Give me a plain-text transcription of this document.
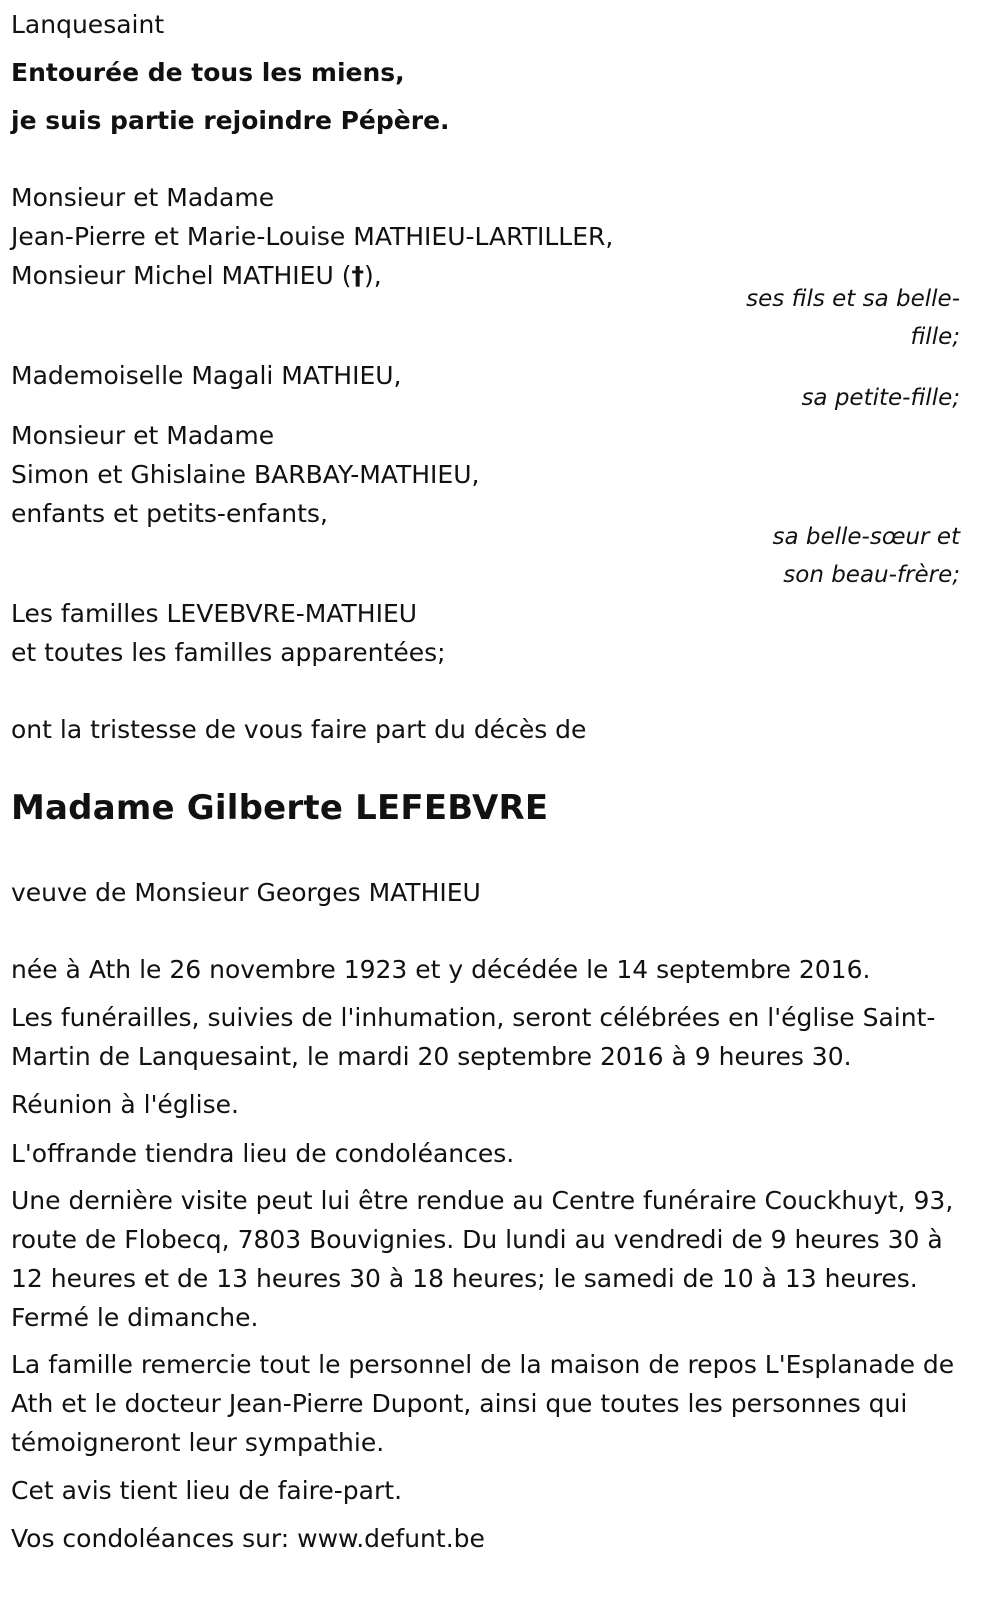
Lanquesaint
Entourée de tous les miens,
je suis partie rejoindre Pépère.
Monsieur et Madame
Jean-Pierre et Marie-Louise MATHIEU-LARTILLER,
Monsieur Michel MATHIEU (†),
ses fils et sa belle-
fille;
Mademoiselle Magali MATHIEU,
sa petite-fille;
Monsieur et Madame
Simon et Ghislaine BARBAY-MATHIEU,
enfants et petits-enfants,
sa belle-sœur et
son beau-frère;
Les familles LEVEBVRE-MATHIEU
et toutes les familles apparentées;
ont la tristesse de vous faire part du décès de
Madame Gilberte LEFEBVRE
veuve de Monsieur Georges MATHIEU
née à Ath le 26 novembre 1923 et y décédée le 14 septembre 2016.
Les funérailles, suivies de l'inhumation, seront célébrées en l'église Saint-Martin de Lanquesaint, le mardi 20 septembre 2016 à 9 heures 30.
Réunion à l'église.
L'offrande tiendra lieu de condoléances.
Une dernière visite peut lui être rendue au Centre funéraire Couckhuyt, 93, route de Flobecq, 7803 Bouvignies. Du lundi au vendredi de 9 heures 30 à 12 heures et de 13 heures 30 à 18 heures; le samedi de 10 à 13 heures. Fermé le dimanche.
La famille remercie tout le personnel de la maison de repos L'Esplanade de Ath et le docteur Jean-Pierre Dupont, ainsi que toutes les personnes qui témoigneront leur sympathie.
Cet avis tient lieu de faire-part.
Vos condoléances sur: www.defunt.be
